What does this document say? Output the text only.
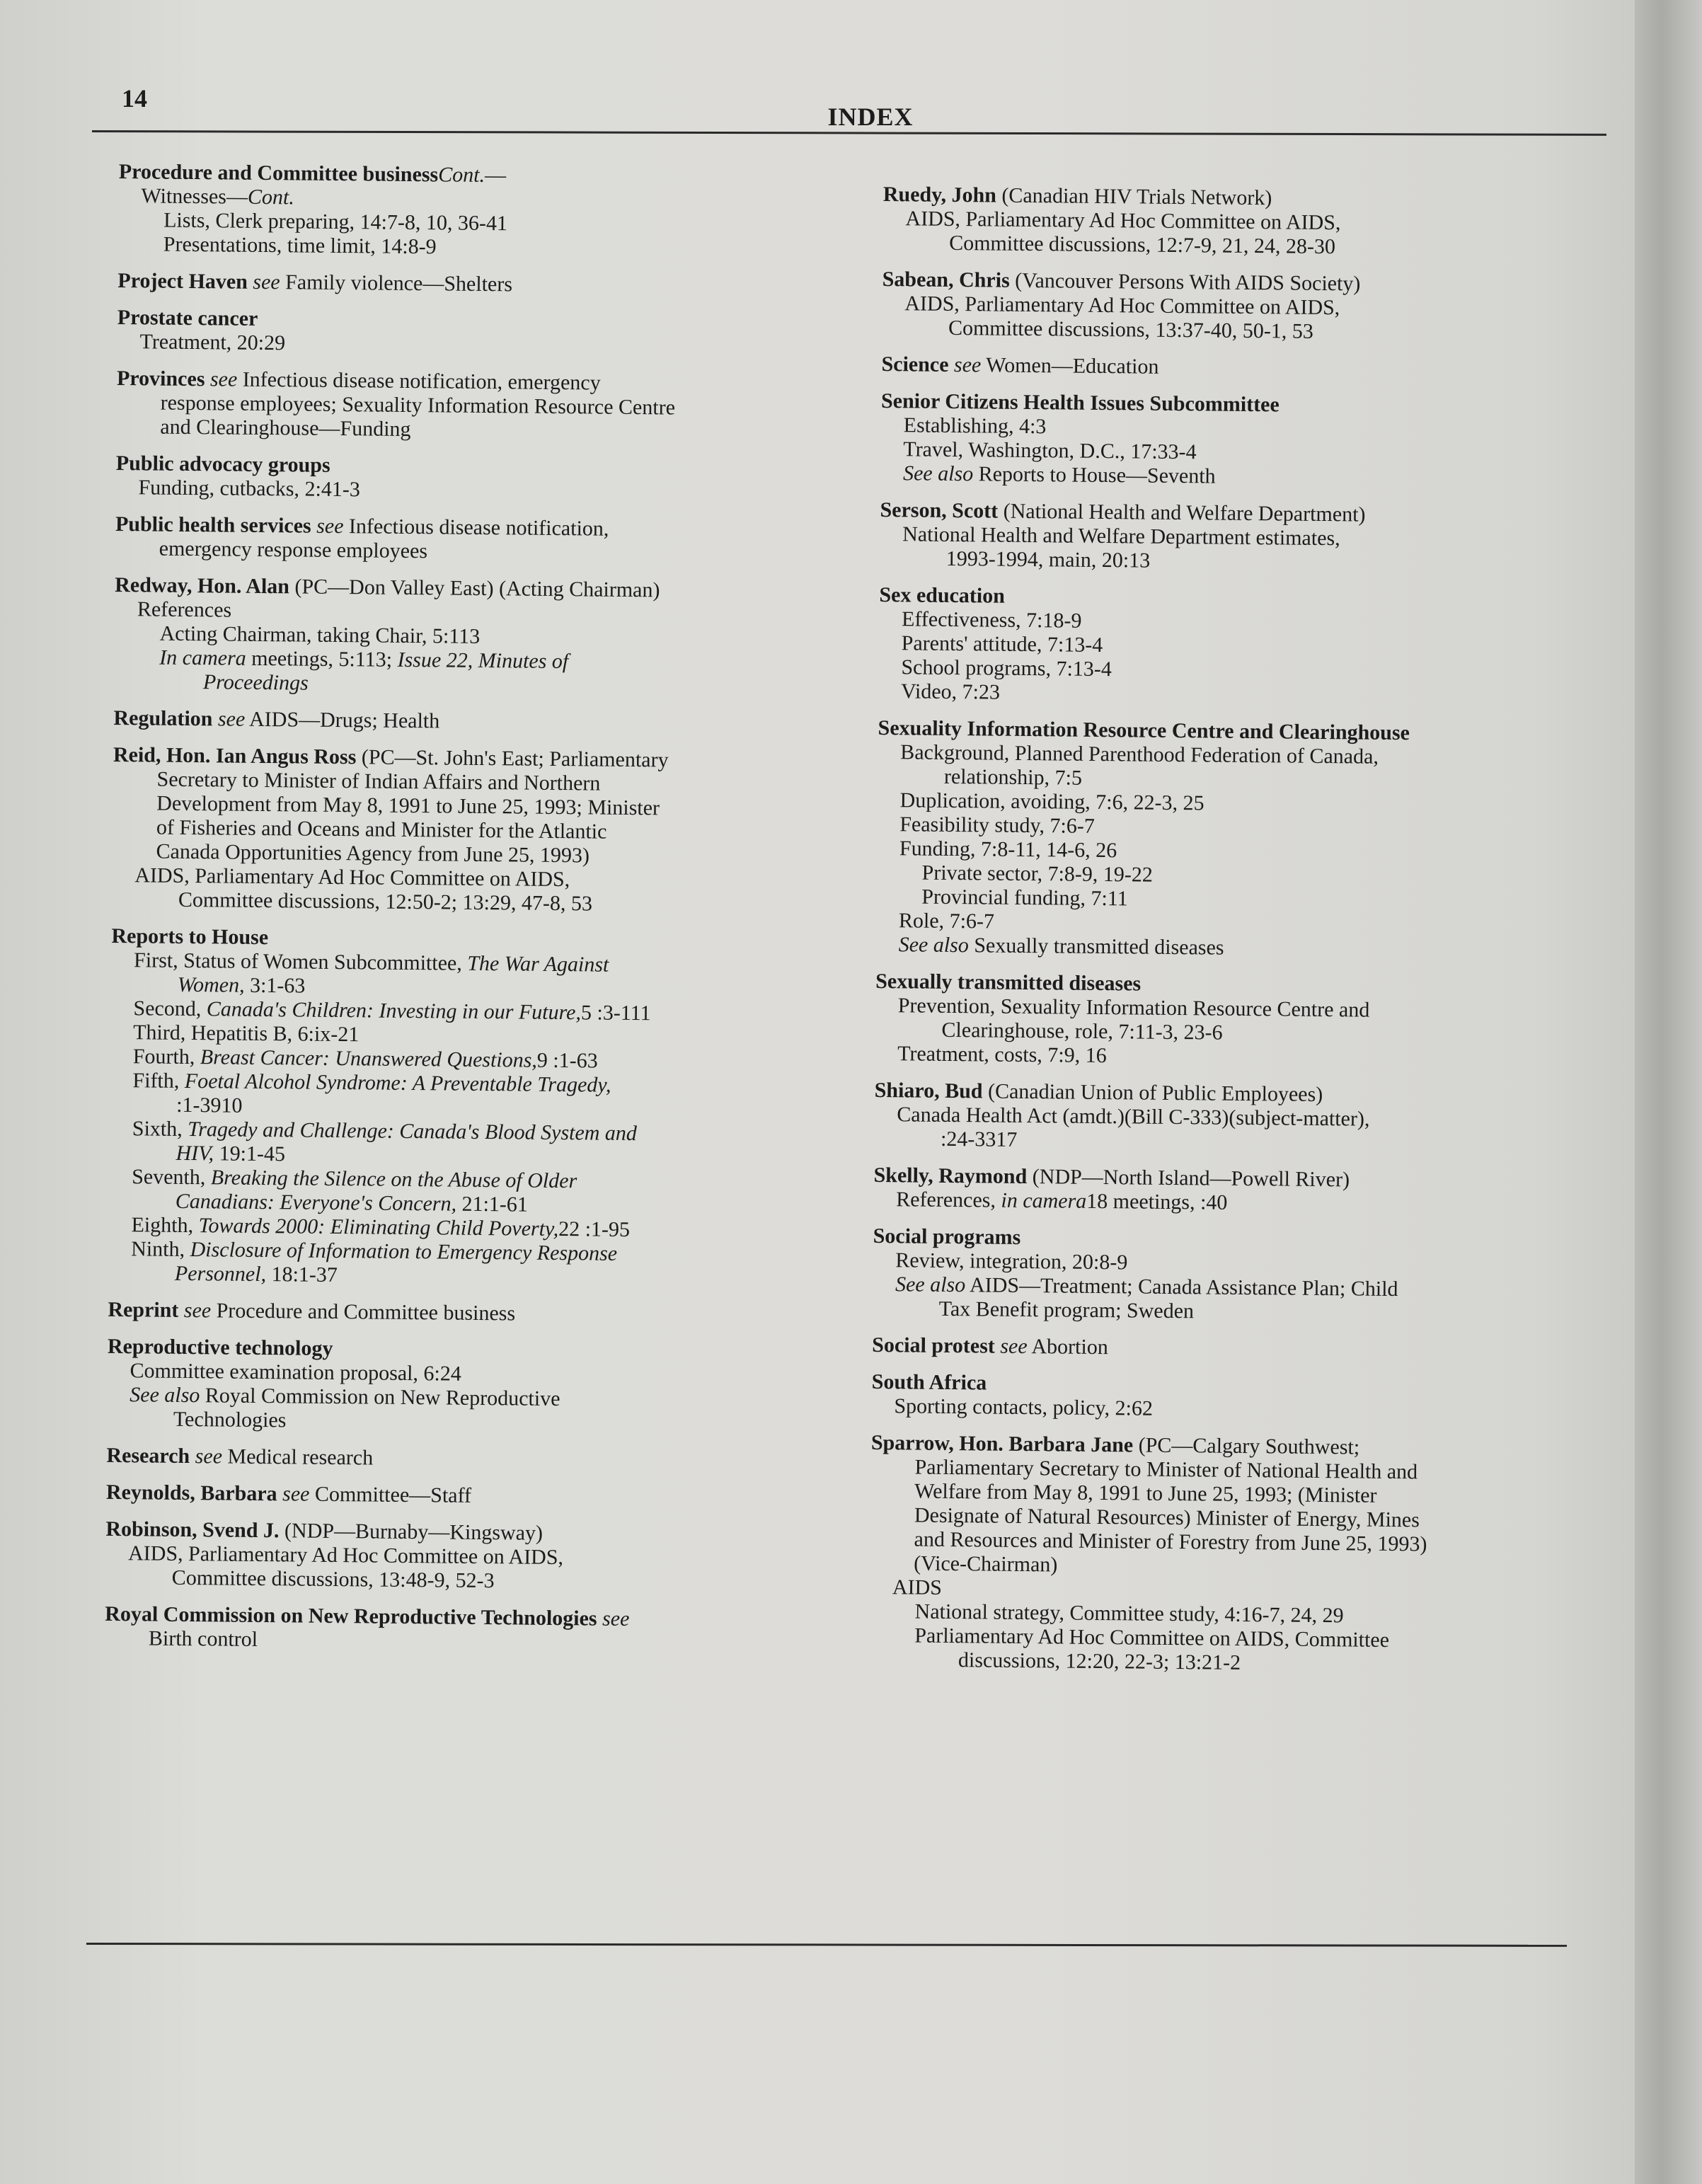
14
INDEX
Procedure and Committee businessCont.—
Witnesses—Cont.
Lists, Clerk preparing, 14:7-8, 10, 36-41
Presentations, time limit, 14:8-9
Project Haven see Family violence—Shelters
Prostate cancer
Treatment, 20:29
Provinces see Infectious disease notification, emergency
response employees; Sexuality Information Resource Centre
and Clearinghouse—Funding
Public advocacy groups
Funding, cutbacks, 2:41-3
Public health services see Infectious disease notification,
emergency response employees
Redway, Hon. Alan (PC—Don Valley East) (Acting Chairman)
References
Acting Chairman, taking Chair, 5:113
In camera meetings, 5:113; Issue 22, Minutes of
Proceedings
Regulation see AIDS—Drugs; Health
Reid, Hon. Ian Angus Ross (PC—St. John's East; Parliamentary
Secretary to Minister of Indian Affairs and Northern
Development from May 8, 1991 to June 25, 1993; Minister
of Fisheries and Oceans and Minister for the Atlantic
Canada Opportunities Agency from June 25, 1993)
AIDS, Parliamentary Ad Hoc Committee on AIDS,
Committee discussions, 12:50-2; 13:29, 47-8, 53
Reports to House
First, Status of Women Subcommittee, The War Against
Women, 3:1-63
Second, Canada's Children: Investing in our Future,5 :3-111
Third, Hepatitis B, 6:ix-21
Fourth, Breast Cancer: Unanswered Questions,9 :1-63
Fifth, Foetal Alcohol Syndrome: A Preventable Tragedy,
:1-3910
Sixth, Tragedy and Challenge: Canada's Blood System and
HIV, 19:1-45
Seventh, Breaking the Silence on the Abuse of Older
Canadians: Everyone's Concern, 21:1-61
Eighth, Towards 2000: Eliminating Child Poverty,22 :1-95
Ninth, Disclosure of Information to Emergency Response
Personnel, 18:1-37
Reprint see Procedure and Committee business
Reproductive technology
Committee examination proposal, 6:24
See also Royal Commission on New Reproductive
Technologies
Research see Medical research
Reynolds, Barbara see Committee—Staff
Robinson, Svend J. (NDP—Burnaby—Kingsway)
AIDS, Parliamentary Ad Hoc Committee on AIDS,
Committee discussions, 13:48-9, 52-3
Royal Commission on New Reproductive Technologies see
Birth control
Ruedy, John (Canadian HIV Trials Network)
AIDS, Parliamentary Ad Hoc Committee on AIDS,
Committee discussions, 12:7-9, 21, 24, 28-30
Sabean, Chris (Vancouver Persons With AIDS Society)
AIDS, Parliamentary Ad Hoc Committee on AIDS,
Committee discussions, 13:37-40, 50-1, 53
Science see Women—Education
Senior Citizens Health Issues Subcommittee
Establishing, 4:3
Travel, Washington, D.C., 17:33-4
See also Reports to House—Seventh
Serson, Scott (National Health and Welfare Department)
National Health and Welfare Department estimates,
1993-1994, main, 20:13
Sex education
Effectiveness, 7:18-9
Parents' attitude, 7:13-4
School programs, 7:13-4
Video, 7:23
Sexuality Information Resource Centre and Clearinghouse
Background, Planned Parenthood Federation of Canada,
relationship, 7:5
Duplication, avoiding, 7:6, 22-3, 25
Feasibility study, 7:6-7
Funding, 7:8-11, 14-6, 26
Private sector, 7:8-9, 19-22
Provincial funding, 7:11
Role, 7:6-7
See also Sexually transmitted diseases
Sexually transmitted diseases
Prevention, Sexuality Information Resource Centre and
Clearinghouse, role, 7:11-3, 23-6
Treatment, costs, 7:9, 16
Shiaro, Bud (Canadian Union of Public Employees)
Canada Health Act (amdt.)(Bill C-333)(subject-matter),
:24-3317
Skelly, Raymond (NDP—North Island—Powell River)
References, in camera18 meetings, :40
Social programs
Review, integration, 20:8-9
See also AIDS—Treatment; Canada Assistance Plan; Child
Tax Benefit program; Sweden
Social protest see Abortion
South Africa
Sporting contacts, policy, 2:62
Sparrow, Hon. Barbara Jane (PC—Calgary Southwest;
Parliamentary Secretary to Minister of National Health and
Welfare from May 8, 1991 to June 25, 1993; (Minister
Designate of Natural Resources) Minister of Energy, Mines
and Resources and Minister of Forestry from June 25, 1993)
(Vice-Chairman)
AIDS
National strategy, Committee study, 4:16-7, 24, 29
Parliamentary Ad Hoc Committee on AIDS, Committee
discussions, 12:20, 22-3; 13:21-2
